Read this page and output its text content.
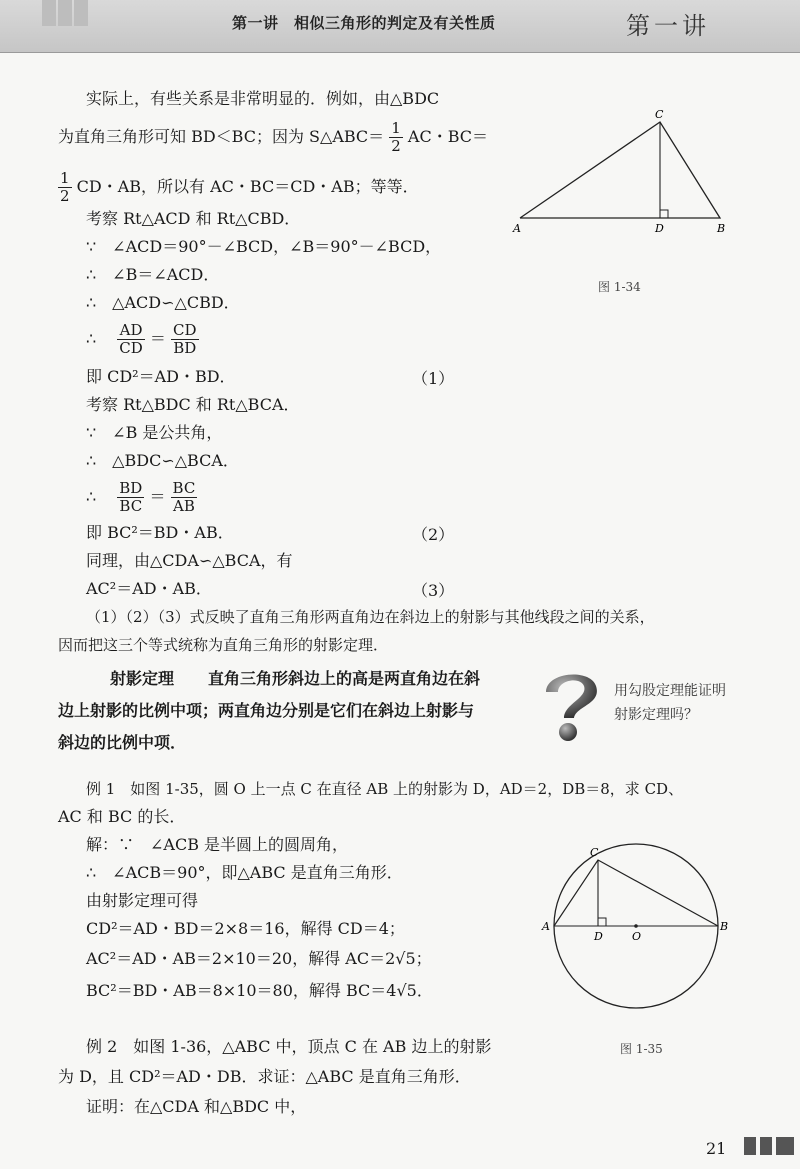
第一讲　相似三角形的判定及有关性质	第一讲
实际上，有些关系是非常明显的．例如，由△BDC
为直角三角形可知 BD＜BC；因为 S△ABC＝ $\frac{1}{2}$ AC・BC＝
$\frac{1}{2}$ CD・AB，所以有 AC・BC＝CD・AB；等等．
考察 Rt△ACD 和 Rt△CBD．
∵　∠ACD＝90°－∠BCD，∠B＝90°－∠BCD，
∴　∠B＝∠ACD．
∴　△ACD∽△CBD．
∴　 $\frac{AD}{CD} = \frac{CD}{BD}$
即 CD²＝AD・BD．	（1）
考察 Rt△BDC 和 Rt△BCA．
∵　∠B 是公共角，
∴　△BDC∽△BCA．
∴　 $\frac{BD}{BC} = \frac{BC}{AB}$
即 BC²＝BD・AB．	（2）
同理，由△CDA∽△BCA，有
AC²＝AD・AB．	（3）
（1）（2）（3）式反映了直角三角形两直角边在斜边上的射影与其他线段之间的关系，
因而把这三个等式统称为直角三角形的射影定理．
C
A	D	B
图 1-34
射影定理 直角三角形斜边上的高是两直角边在斜
边上射影的比例中项；两直角边分别是它们在斜边上射影与
斜边的比例中项．
用勾股定理能证明
射影定理吗？
例 1　如图 1-35，圆 O 上一点 C 在直径 AB 上的射影为 D，AD＝2，DB＝8，求 CD、
AC 和 BC 的长．
解：∵　∠ACB 是半圆上的圆周角，
∴　∠ACB＝90°，即△ABC 是直角三角形．
由射影定理可得
CD²＝AD・BD＝2×8＝16，解得 CD＝4；
AC²＝AD・AB＝2×10＝20，解得 AC＝2√5；
BC²＝BD・AB＝8×10＝80，解得 BC＝4√5．
C
A
D	O
B
图 1-35
例 2　如图 1-36，△ABC 中，顶点 C 在 AB 边上的射影
为 D，且 CD²＝AD・DB．求证：△ABC 是直角三角形．
证明：在△CDA 和△BDC 中，
21
